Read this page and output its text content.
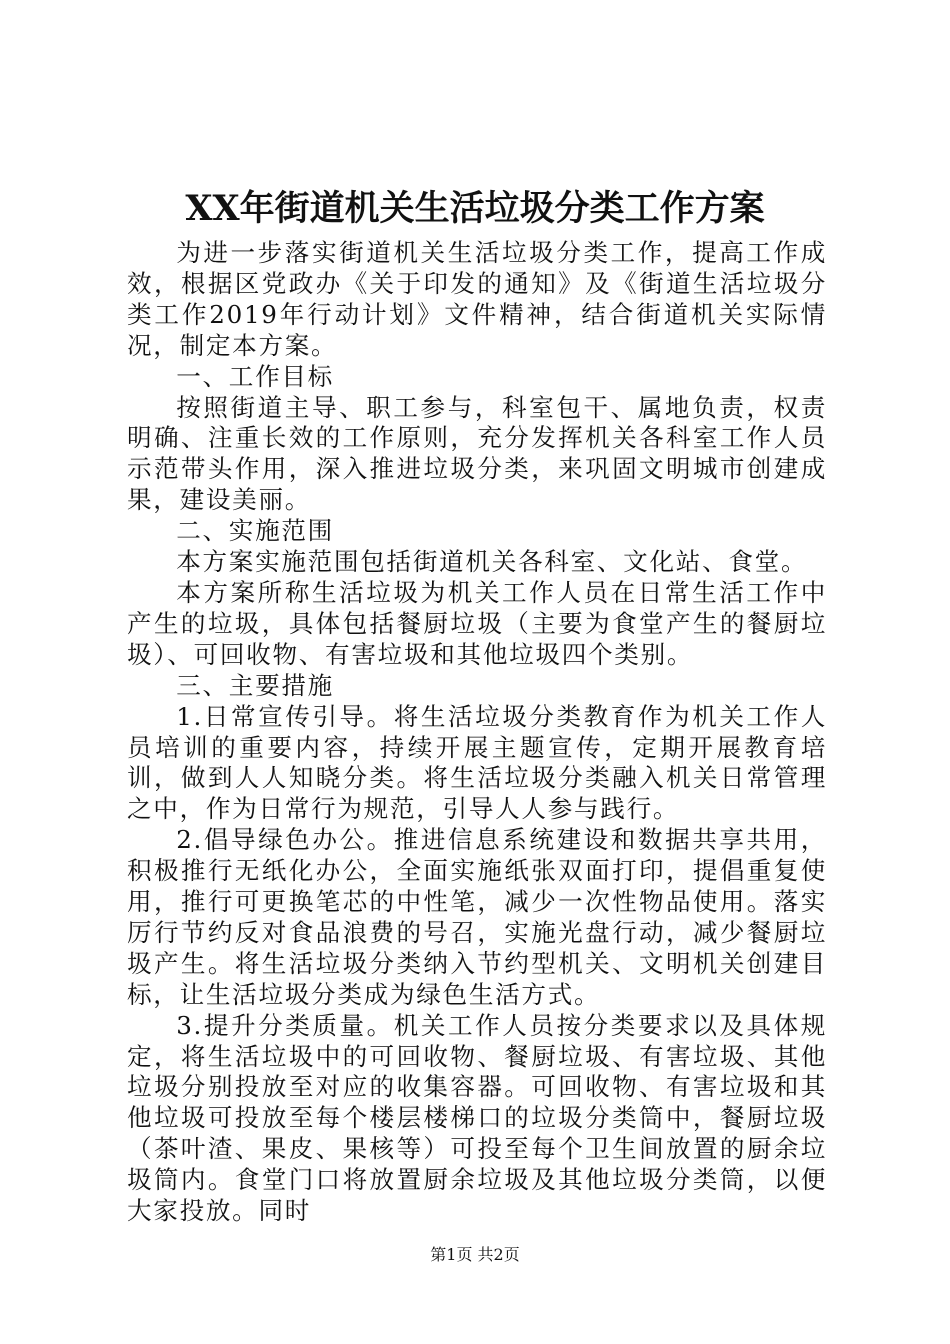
XX年街道机关生活垃圾分类工作方案

为进一步落实街道机关生活垃圾分类工作，提高工作成效，根据区党政办《关于印发的通知》及《街道生活垃圾分类工作2019年行动计划》文件精神，结合街道机关实际情况，制定本方案。

一、工作目标

按照街道主导、职工参与，科室包干、属地负责，权责明确、注重长效的工作原则，充分发挥机关各科室工作人员示范带头作用，深入推进垃圾分类，来巩固文明城市创建成果，建设美丽。

二、实施范围

本方案实施范围包括街道机关各科室、文化站、食堂。

本方案所称生活垃圾为机关工作人员在日常生活工作中产生的垃圾，具体包括餐厨垃圾（主要为食堂产生的餐厨垃圾）、可回收物、有害垃圾和其他垃圾四个类别。

三、主要措施

1.日常宣传引导。将生活垃圾分类教育作为机关工作人员培训的重要内容，持续开展主题宣传，定期开展教育培训，做到人人知晓分类。将生活垃圾分类融入机关日常管理之中，作为日常行为规范，引导人人参与践行。

2.倡导绿色办公。推进信息系统建设和数据共享共用，积极推行无纸化办公，全面实施纸张双面打印，提倡重复使用，推行可更换笔芯的中性笔，减少一次性物品使用。落实厉行节约反对食品浪费的号召，实施光盘行动，减少餐厨垃圾产生。将生活垃圾分类纳入节约型机关、文明机关创建目标，让生活垃圾分类成为绿色生活方式。

3.提升分类质量。机关工作人员按分类要求以及具体规定，将生活垃圾中的可回收物、餐厨垃圾、有害垃圾、其他垃圾分别投放至对应的收集容器。可回收物、有害垃圾和其他垃圾可投放至每个楼层楼梯口的垃圾分类筒中，餐厨垃圾（茶叶渣、果皮、果核等）可投至每个卫生间放置的厨余垃圾筒内。食堂门口将放置厨余垃圾及其他垃圾分类筒，以便大家投放。同时

第1页 共2页
